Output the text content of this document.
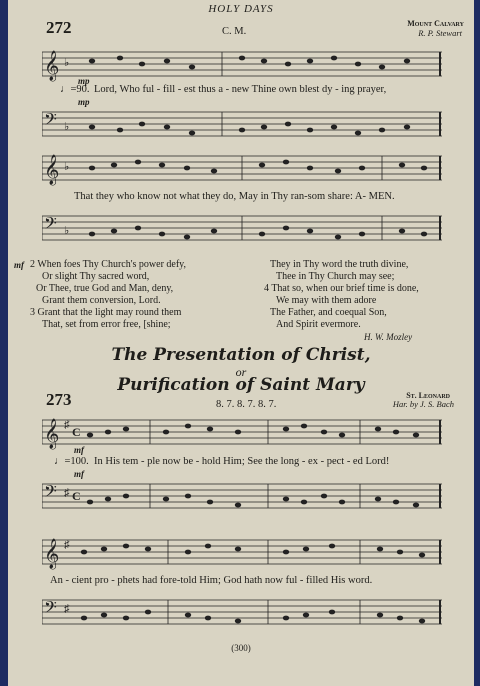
HOLY DAYS
272	C. M.
Mount Calvary
R. P. Stewart
𝄞 ♭
mp
♩=90. Lord, Who ful - fill - est thus a - new Thine own blest dy - ing prayer,
mp
𝄢 ♭
𝄞 ♭
That they who know not what they do, May in Thy ran-som share: A- MEN.
𝄢 ♭
mf 2 When foes Thy Church's power defy,
Or slight Thy sacred word,
Or Thee, true God and Man, deny,
Grant them conversion, Lord.
3 Grant that the light may round them
That, set from error free, [shine;
They in Thy word the truth divine,
Thee in Thy Church may see;
4 That so, when our brief time is done,
We may with them adore
The Father, and coequal Son,
And Spirit evermore.
H. W. Mozley
The Presentation of Christ,
or
Purification of Saint Mary
273	8. 7. 8. 7. 8. 7.
St. Leonard
Har. by J. S. Bach
𝄞 ♯ C
mf
♩=100. In His tem - ple now be - hold Him; See the long - ex - pect - ed Lord!
mf
𝄢 ♯ C
𝄞 ♯
An - cient pro - phets had fore-told Him; God hath now ful - filled His word.
𝄢 ♯
(300)
